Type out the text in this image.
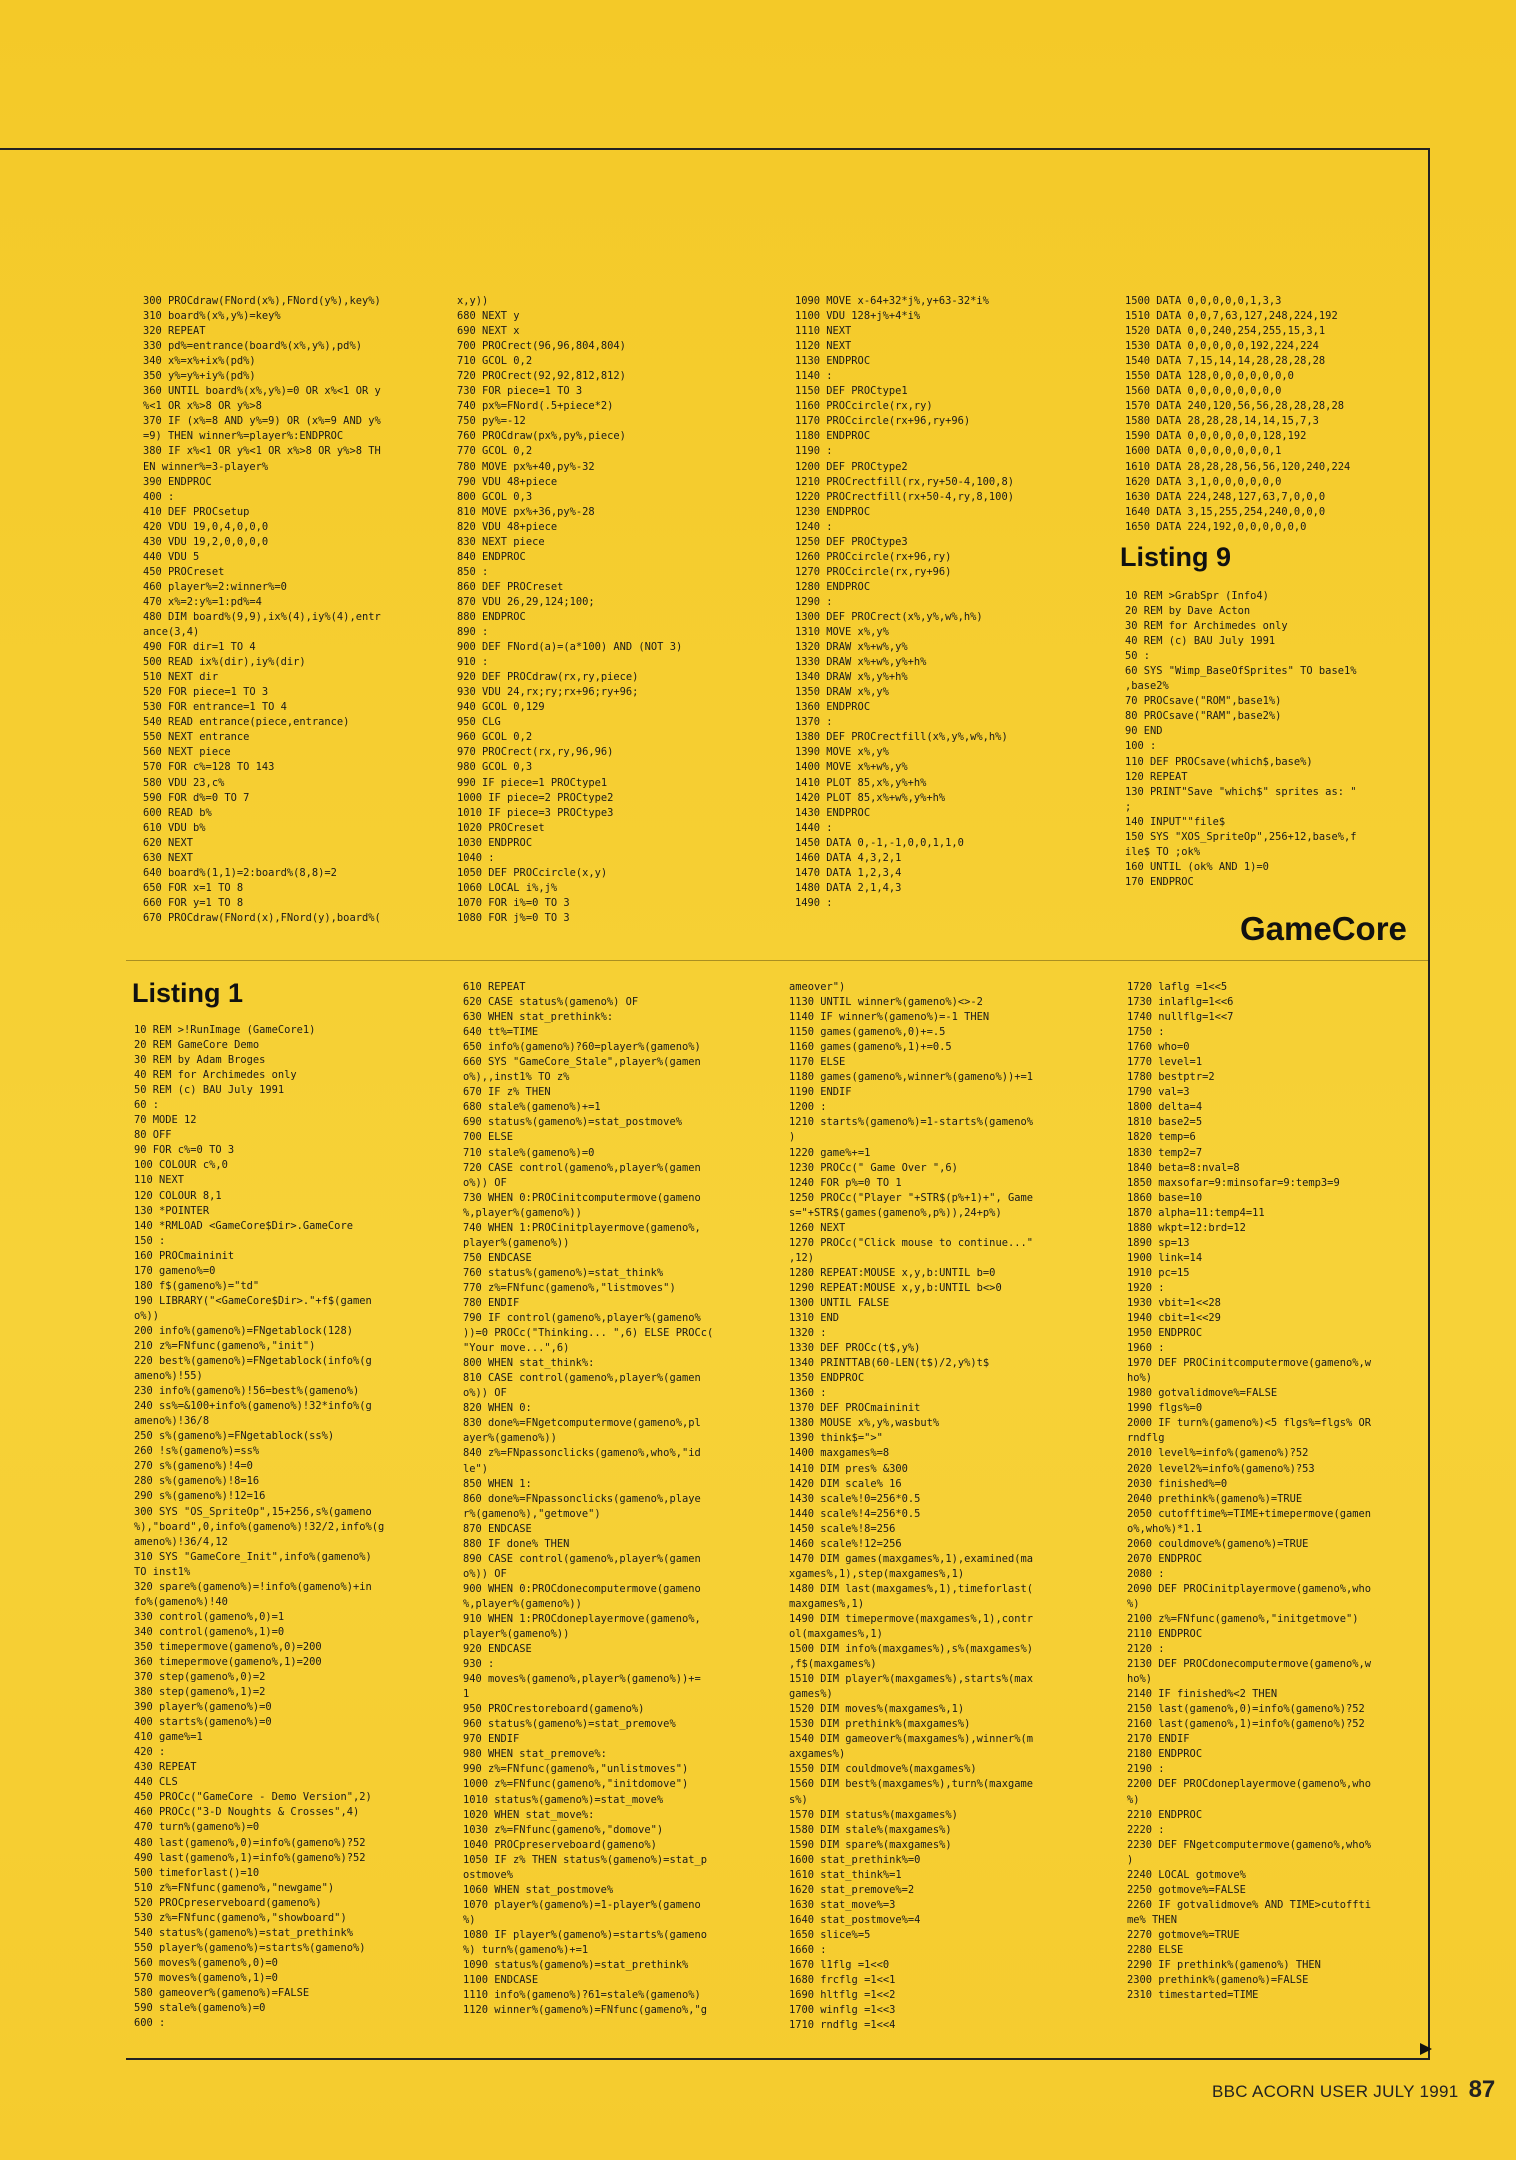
300 PROCdraw(FNord(x%),FNord(y%),key%)
310 board%(x%,y%)=key%
320 REPEAT
330 pd%=entrance(board%(x%,y%),pd%)
340 x%=x%+ix%(pd%)
350 y%=y%+iy%(pd%)
360 UNTIL board%(x%,y%)=0 OR x%<1 OR y
%<1 OR x%>8 OR y%>8
370 IF (x%=8 AND y%=9) OR (x%=9 AND y%
=9) THEN winner%=player%:ENDPROC
380 IF x%<1 OR y%<1 OR x%>8 OR y%>8 TH
EN winner%=3-player%
390 ENDPROC
400 :
410 DEF PROCsetup
420 VDU 19,0,4,0,0,0
430 VDU 19,2,0,0,0,0
440 VDU 5
450 PROCreset
460 player%=2:winner%=0
470 x%=2:y%=1:pd%=4
480 DIM board%(9,9),ix%(4),iy%(4),entr
ance(3,4)
490 FOR dir=1 TO 4
500 READ ix%(dir),iy%(dir)
510 NEXT dir
520 FOR piece=1 TO 3
530 FOR entrance=1 TO 4
540 READ entrance(piece,entrance)
550 NEXT entrance
560 NEXT piece
570 FOR c%=128 TO 143
580 VDU 23,c%
590 FOR d%=0 TO 7
600 READ b%
610 VDU b%
620 NEXT
630 NEXT
640 board%(1,1)=2:board%(8,8)=2
650 FOR x=1 TO 8
660 FOR y=1 TO 8
670 PROCdraw(FNord(x),FNord(y),board%(
x,y))
680 NEXT y
690 NEXT x
700 PROCrect(96,96,804,804)
710 GCOL 0,2
720 PROCrect(92,92,812,812)
730 FOR piece=1 TO 3
740 px%=FNord(.5+piece*2)
750 py%=-12
760 PROCdraw(px%,py%,piece)
770 GCOL 0,2
780 MOVE px%+40,py%-32
790 VDU 48+piece
800 GCOL 0,3
810 MOVE px%+36,py%-28
820 VDU 48+piece
830 NEXT piece
840 ENDPROC
850 :
860 DEF PROCreset
870 VDU 26,29,124;100;
880 ENDPROC
890 :
900 DEF FNord(a)=(a*100) AND (NOT 3)
910 :
920 DEF PROCdraw(rx,ry,piece)
930 VDU 24,rx;ry;rx+96;ry+96;
940 GCOL 0,129
950 CLG
960 GCOL 0,2
970 PROCrect(rx,ry,96,96)
980 GCOL 0,3
990 IF piece=1 PROCtype1
1000 IF piece=2 PROCtype2
1010 IF piece=3 PROCtype3
1020 PROCreset
1030 ENDPROC
1040 :
1050 DEF PROCcircle(x,y)
1060 LOCAL i%,j%
1070 FOR i%=0 TO 3
1080 FOR j%=0 TO 3
1090 MOVE x-64+32*j%,y+63-32*i%
1100 VDU 128+j%+4*i%
1110 NEXT
1120 NEXT
1130 ENDPROC
1140 :
1150 DEF PROCtype1
1160 PROCcircle(rx,ry)
1170 PROCcircle(rx+96,ry+96)
1180 ENDPROC
1190 :
1200 DEF PROCtype2
1210 PROCrectfill(rx,ry+50-4,100,8)
1220 PROCrectfill(rx+50-4,ry,8,100)
1230 ENDPROC
1240 :
1250 DEF PROCtype3
1260 PROCcircle(rx+96,ry)
1270 PROCcircle(rx,ry+96)
1280 ENDPROC
1290 :
1300 DEF PROCrect(x%,y%,w%,h%)
1310 MOVE x%,y%
1320 DRAW x%+w%,y%
1330 DRAW x%+w%,y%+h%
1340 DRAW x%,y%+h%
1350 DRAW x%,y%
1360 ENDPROC
1370 :
1380 DEF PROCrectfill(x%,y%,w%,h%)
1390 MOVE x%,y%
1400 MOVE x%+w%,y%
1410 PLOT 85,x%,y%+h%
1420 PLOT 85,x%+w%,y%+h%
1430 ENDPROC
1440 :
1450 DATA 0,-1,-1,0,0,1,1,0
1460 DATA 4,3,2,1
1470 DATA 1,2,3,4
1480 DATA 2,1,4,3
1490 :
1500 DATA 0,0,0,0,0,1,3,3
1510 DATA 0,0,7,63,127,248,224,192
1520 DATA 0,0,240,254,255,15,3,1
1530 DATA 0,0,0,0,0,192,224,224
1540 DATA 7,15,14,14,28,28,28,28
1550 DATA 128,0,0,0,0,0,0,0
1560 DATA 0,0,0,0,0,0,0,0
1570 DATA 240,120,56,56,28,28,28,28
1580 DATA 28,28,28,14,14,15,7,3
1590 DATA 0,0,0,0,0,0,128,192
1600 DATA 0,0,0,0,0,0,0,1
1610 DATA 28,28,28,56,56,120,240,224
1620 DATA 3,1,0,0,0,0,0,0
1630 DATA 224,248,127,63,7,0,0,0
1640 DATA 3,15,255,254,240,0,0,0
1650 DATA 224,192,0,0,0,0,0,0
Listing 9
10 REM >GrabSpr (Info4)
20 REM by Dave Acton
30 REM for Archimedes only
40 REM (c) BAU July 1991
50 :
60 SYS "Wimp_BaseOfSprites" TO base1%
,base2%
70 PROCsave("ROM",base1%)
80 PROCsave("RAM",base2%)
90 END
100 :
110 DEF PROCsave(which$,base%)
120 REPEAT
130 PRINT"Save "which$" sprites as: "
;
140 INPUT""file$
150 SYS "XOS_SpriteOp",256+12,base%,f
ile$ TO ;ok%
160 UNTIL (ok% AND 1)=0
170 ENDPROC
GameCore
Listing 1
10 REM >!RunImage (GameCore1)
20 REM GameCore Demo
30 REM by Adam Broges
40 REM for Archimedes only
50 REM (c) BAU July 1991
60 :
70 MODE 12
80 OFF
90 FOR c%=0 TO 3
100 COLOUR c%,0
110 NEXT
120 COLOUR 8,1
130 *POINTER
140 *RMLOAD <GameCore$Dir>.GameCore
150 :
160 PROCmaininit
170 gameno%=0
180 f$(gameno%)="td"
190 LIBRARY("<GameCore$Dir>."+f$(gamen
o%))
200 info%(gameno%)=FNgetablock(128)
210 z%=FNfunc(gameno%,"init")
220 best%(gameno%)=FNgetablock(info%(g
ameno%)!55)
230 info%(gameno%)!56=best%(gameno%)
240 ss%=&100+info%(gameno%)!32*info%(g
ameno%)!36/8
250 s%(gameno%)=FNgetablock(ss%)
260 !s%(gameno%)=ss%
270 s%(gameno%)!4=0
280 s%(gameno%)!8=16
290 s%(gameno%)!12=16
300 SYS "OS_SpriteOp",15+256,s%(gameno
%),"board",0,info%(gameno%)!32/2,info%(g
ameno%)!36/4,12
310 SYS "GameCore_Init",info%(gameno%)
TO inst1%
320 spare%(gameno%)=!info%(gameno%)+in
fo%(gameno%)!40
330 control(gameno%,0)=1
340 control(gameno%,1)=0
350 timepermove(gameno%,0)=200
360 timepermove(gameno%,1)=200
370 step(gameno%,0)=2
380 step(gameno%,1)=2
390 player%(gameno%)=0
400 starts%(gameno%)=0
410 game%=1
420 :
430 REPEAT
440 CLS
450 PROCc("GameCore - Demo Version",2)
460 PROCc("3-D Noughts & Crosses",4)
470 turn%(gameno%)=0
480 last(gameno%,0)=info%(gameno%)?52
490 last(gameno%,1)=info%(gameno%)?52
500 timeforlast()=10
510 z%=FNfunc(gameno%,"newgame")
520 PROCpreserveboard(gameno%)
530 z%=FNfunc(gameno%,"showboard")
540 status%(gameno%)=stat_prethink%
550 player%(gameno%)=starts%(gameno%)
560 moves%(gameno%,0)=0
570 moves%(gameno%,1)=0
580 gameover%(gameno%)=FALSE
590 stale%(gameno%)=0
600 :
610 REPEAT
620 CASE status%(gameno%) OF
630 WHEN stat_prethink%:
640 tt%=TIME
650 info%(gameno%)?60=player%(gameno%)
660 SYS "GameCore_Stale",player%(gamen
o%),,inst1% TO z%
670 IF z% THEN
680 stale%(gameno%)+=1
690 status%(gameno%)=stat_postmove%
700 ELSE
710 stale%(gameno%)=0
720 CASE control(gameno%,player%(gamen
o%)) OF
730 WHEN 0:PROCinitcomputermove(gameno
%,player%(gameno%))
740 WHEN 1:PROCinitplayermove(gameno%,
player%(gameno%))
750 ENDCASE
760 status%(gameno%)=stat_think%
770 z%=FNfunc(gameno%,"listmoves")
780 ENDIF
790 IF control(gameno%,player%(gameno%
))=0 PROCc("Thinking... ",6) ELSE PROCc(
"Your move...",6)
800 WHEN stat_think%:
810 CASE control(gameno%,player%(gamen
o%)) OF
820 WHEN 0:
830 done%=FNgetcomputermove(gameno%,pl
ayer%(gameno%))
840 z%=FNpassonclicks(gameno%,who%,"id
le")
850 WHEN 1:
860 done%=FNpassonclicks(gameno%,playe
r%(gameno%),"getmove")
870 ENDCASE
880 IF done% THEN
890 CASE control(gameno%,player%(gamen
o%)) OF
900 WHEN 0:PROCdonecomputermove(gameno
%,player%(gameno%))
910 WHEN 1:PROCdoneplayermove(gameno%,
player%(gameno%))
920 ENDCASE
930 :
940 moves%(gameno%,player%(gameno%))+=
1
950 PROCrestoreboard(gameno%)
960 status%(gameno%)=stat_premove%
970 ENDIF
980 WHEN stat_premove%:
990 z%=FNfunc(gameno%,"unlistmoves")
1000 z%=FNfunc(gameno%,"initdomove")
1010 status%(gameno%)=stat_move%
1020 WHEN stat_move%:
1030 z%=FNfunc(gameno%,"domove")
1040 PROCpreserveboard(gameno%)
1050 IF z% THEN status%(gameno%)=stat_p
ostmove%
1060 WHEN stat_postmove%
1070 player%(gameno%)=1-player%(gameno
%)
1080 IF player%(gameno%)=starts%(gameno
%) turn%(gameno%)+=1
1090 status%(gameno%)=stat_prethink%
1100 ENDCASE
1110 info%(gameno%)?61=stale%(gameno%)
1120 winner%(gameno%)=FNfunc(gameno%,"g
ameover")
1130 UNTIL winner%(gameno%)<>-2
1140 IF winner%(gameno%)=-1 THEN
1150 games(gameno%,0)+=.5
1160 games(gameno%,1)+=0.5
1170 ELSE
1180 games(gameno%,winner%(gameno%))+=1
1190 ENDIF
1200 :
1210 starts%(gameno%)=1-starts%(gameno%
)
1220 game%+=1
1230 PROCc(" Game Over ",6)
1240 FOR p%=0 TO 1
1250 PROCc("Player "+STR$(p%+1)+", Game
s="+STR$(games(gameno%,p%)),24+p%)
1260 NEXT
1270 PROCc("Click mouse to continue..."
,12)
1280 REPEAT:MOUSE x,y,b:UNTIL b=0
1290 REPEAT:MOUSE x,y,b:UNTIL b<>0
1300 UNTIL FALSE
1310 END
1320 :
1330 DEF PROCc(t$,y%)
1340 PRINTTAB(60-LEN(t$)/2,y%)t$
1350 ENDPROC
1360 :
1370 DEF PROCmaininit
1380 MOUSE x%,y%,wasbut%
1390 think$=">"
1400 maxgames%=8
1410 DIM pres% &300
1420 DIM scale% 16
1430 scale%!0=256*0.5
1440 scale%!4=256*0.5
1450 scale%!8=256
1460 scale%!12=256
1470 DIM games(maxgames%,1),examined(ma
xgames%,1),step(maxgames%,1)
1480 DIM last(maxgames%,1),timeforlast(
maxgames%,1)
1490 DIM timepermove(maxgames%,1),contr
ol(maxgames%,1)
1500 DIM info%(maxgames%),s%(maxgames%)
,f$(maxgames%)
1510 DIM player%(maxgames%),starts%(max
games%)
1520 DIM moves%(maxgames%,1)
1530 DIM prethink%(maxgames%)
1540 DIM gameover%(maxgames%),winner%(m
axgames%)
1550 DIM couldmove%(maxgames%)
1560 DIM best%(maxgames%),turn%(maxgame
s%)
1570 DIM status%(maxgames%)
1580 DIM stale%(maxgames%)
1590 DIM spare%(maxgames%)
1600 stat_prethink%=0
1610 stat_think%=1
1620 stat_premove%=2
1630 stat_move%=3
1640 stat_postmove%=4
1650 slice%=5
1660 :
1670 l1flg =1<<0
1680 frcflg =1<<1
1690 hltflg =1<<2
1700 winflg =1<<3
1710 rndflg =1<<4
1720 laflg =1<<5
1730 inlaflg=1<<6
1740 nullflg=1<<7
1750 :
1760 who=0
1770 level=1
1780 bestptr=2
1790 val=3
1800 delta=4
1810 base2=5
1820 temp=6
1830 temp2=7
1840 beta=8:nval=8
1850 maxsofar=9:minsofar=9:temp3=9
1860 base=10
1870 alpha=11:temp4=11
1880 wkpt=12:brd=12
1890 sp=13
1900 link=14
1910 pc=15
1920 :
1930 vbit=1<<28
1940 cbit=1<<29
1950 ENDPROC
1960 :
1970 DEF PROCinitcomputermove(gameno%,w
ho%)
1980 gotvalidmove%=FALSE
1990 flgs%=0
2000 IF turn%(gameno%)<5 flgs%=flgs% OR
rndflg
2010 level%=info%(gameno%)?52
2020 level2%=info%(gameno%)?53
2030 finished%=0
2040 prethink%(gameno%)=TRUE
2050 cutofftime%=TIME+timepermove(gamen
o%,who%)*1.1
2060 couldmove%(gameno%)=TRUE
2070 ENDPROC
2080 :
2090 DEF PROCinitplayermove(gameno%,who
%)
2100 z%=FNfunc(gameno%,"initgetmove")
2110 ENDPROC
2120 :
2130 DEF PROCdonecomputermove(gameno%,w
ho%)
2140 IF finished%<2 THEN
2150 last(gameno%,0)=info%(gameno%)?52
2160 last(gameno%,1)=info%(gameno%)?52
2170 ENDIF
2180 ENDPROC
2190 :
2200 DEF PROCdoneplayermove(gameno%,who
%)
2210 ENDPROC
2220 :
2230 DEF FNgetcomputermove(gameno%,who%
)
2240 LOCAL gotmove%
2250 gotmove%=FALSE
2260 IF gotvalidmove% AND TIME>cutoffti
me% THEN
2270 gotmove%=TRUE
2280 ELSE
2290 IF prethink%(gameno%) THEN
2300 prethink%(gameno%)=FALSE
2310 timestarted=TIME
BBC ACORN USER JULY 1991 87
